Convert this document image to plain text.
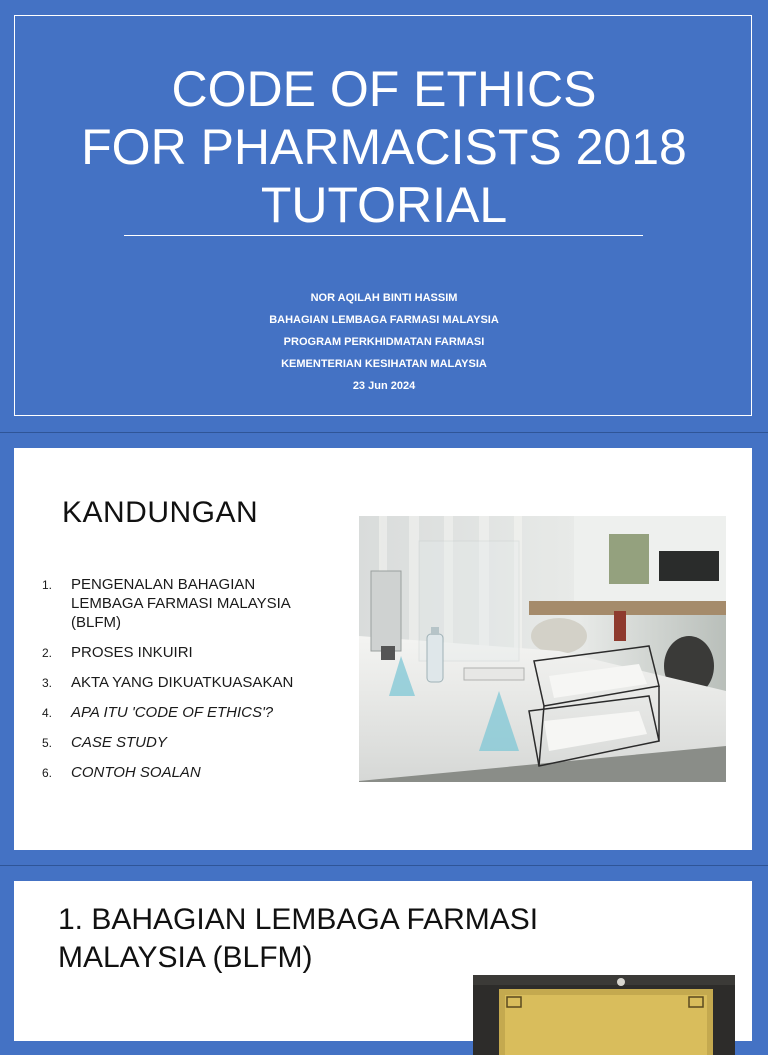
CODE OF ETHICS
FOR PHARMACISTS 2018
TUTORIAL
NOR AQILAH BINTI HASSIM
BAHAGIAN LEMBAGA FARMASI MALAYSIA
PROGRAM PERKHIDMATAN FARMASI
KEMENTERIAN KESIHATAN MALAYSIA
23 Jun 2024
KANDUNGAN
1. PENGENALAN BAHAGIAN LEMBAGA FARMASI MALAYSIA (BLFM)
2. PROSES INKUIRI
3. AKTA YANG DIKUATKUASAKAN
4. APA ITU 'CODE OF ETHICS'?
5. CASE STUDY
6. CONTOH SOALAN
1. BAHAGIAN LEMBAGA FARMASI
MALAYSIA (BLFM)
